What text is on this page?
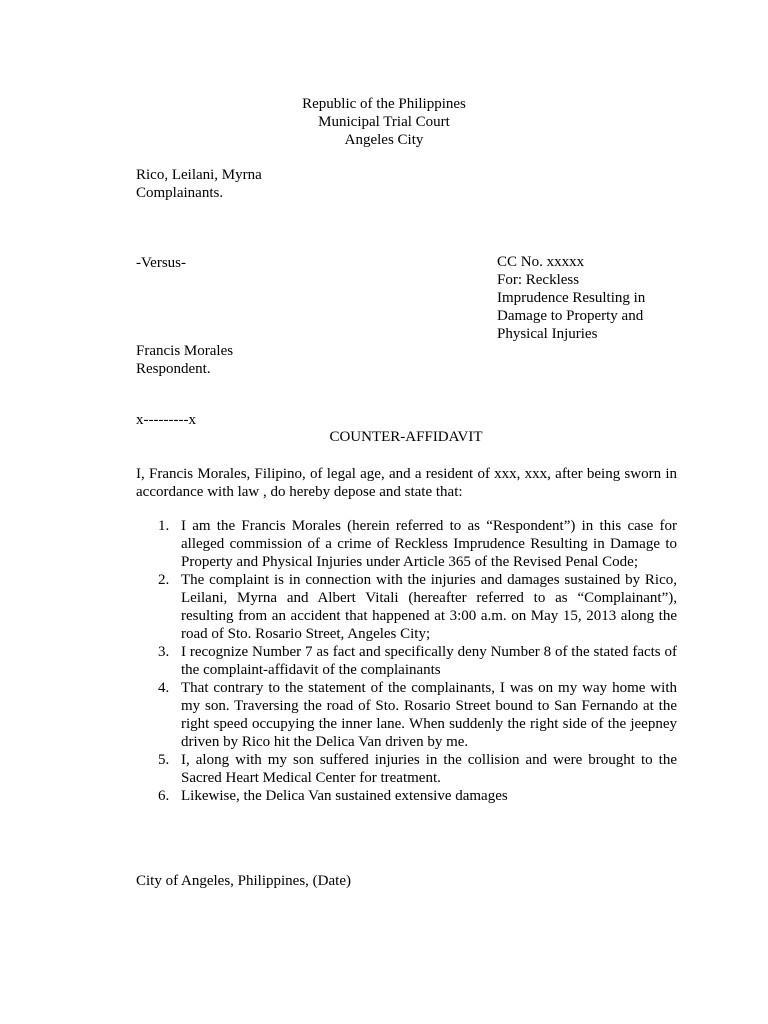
Republic of the Philippines
Municipal Trial Court
Angeles City
Rico, Leilani, Myrna
Complainants.
-Versus-	CC No. xxxxx
For: Reckless
Imprudence Resulting in
Damage to Property and
Physical Injuries
Francis Morales
Respondent.
x---------x
COUNTER-AFFIDAVIT
I, Francis Morales, Filipino, of legal age, and a resident of xxx, xxx, after being sworn in accordance with law , do hereby depose and state that:
1. I am the Francis Morales (herein referred to as “Respondent”) in this case for alleged commission of a crime of Reckless Imprudence Resulting in Damage to Property and Physical Injuries under Article 365 of the Revised Penal Code;
2. The complaint is in connection with the injuries and damages sustained by Rico, Leilani, Myrna and Albert Vitali (hereafter referred to as “Complainant”), resulting from an accident that happened at 3:00 a.m. on May 15, 2013 along the road of Sto. Rosario Street, Angeles City;
3. I recognize Number 7 as fact and specifically deny Number 8 of the stated facts of the complaint-affidavit of the complainants
4. That contrary to the statement of the complainants, I was on my way home with my son. Traversing the road of Sto. Rosario Street bound to San Fernando at the right speed occupying the inner lane. When suddenly the right side of the jeepney driven by Rico hit the Delica Van driven by me.
5. I, along with my son suffered injuries in the collision and were brought to the Sacred Heart Medical Center for treatment.
6. Likewise, the Delica Van sustained extensive damages
City of Angeles, Philippines, (Date)
